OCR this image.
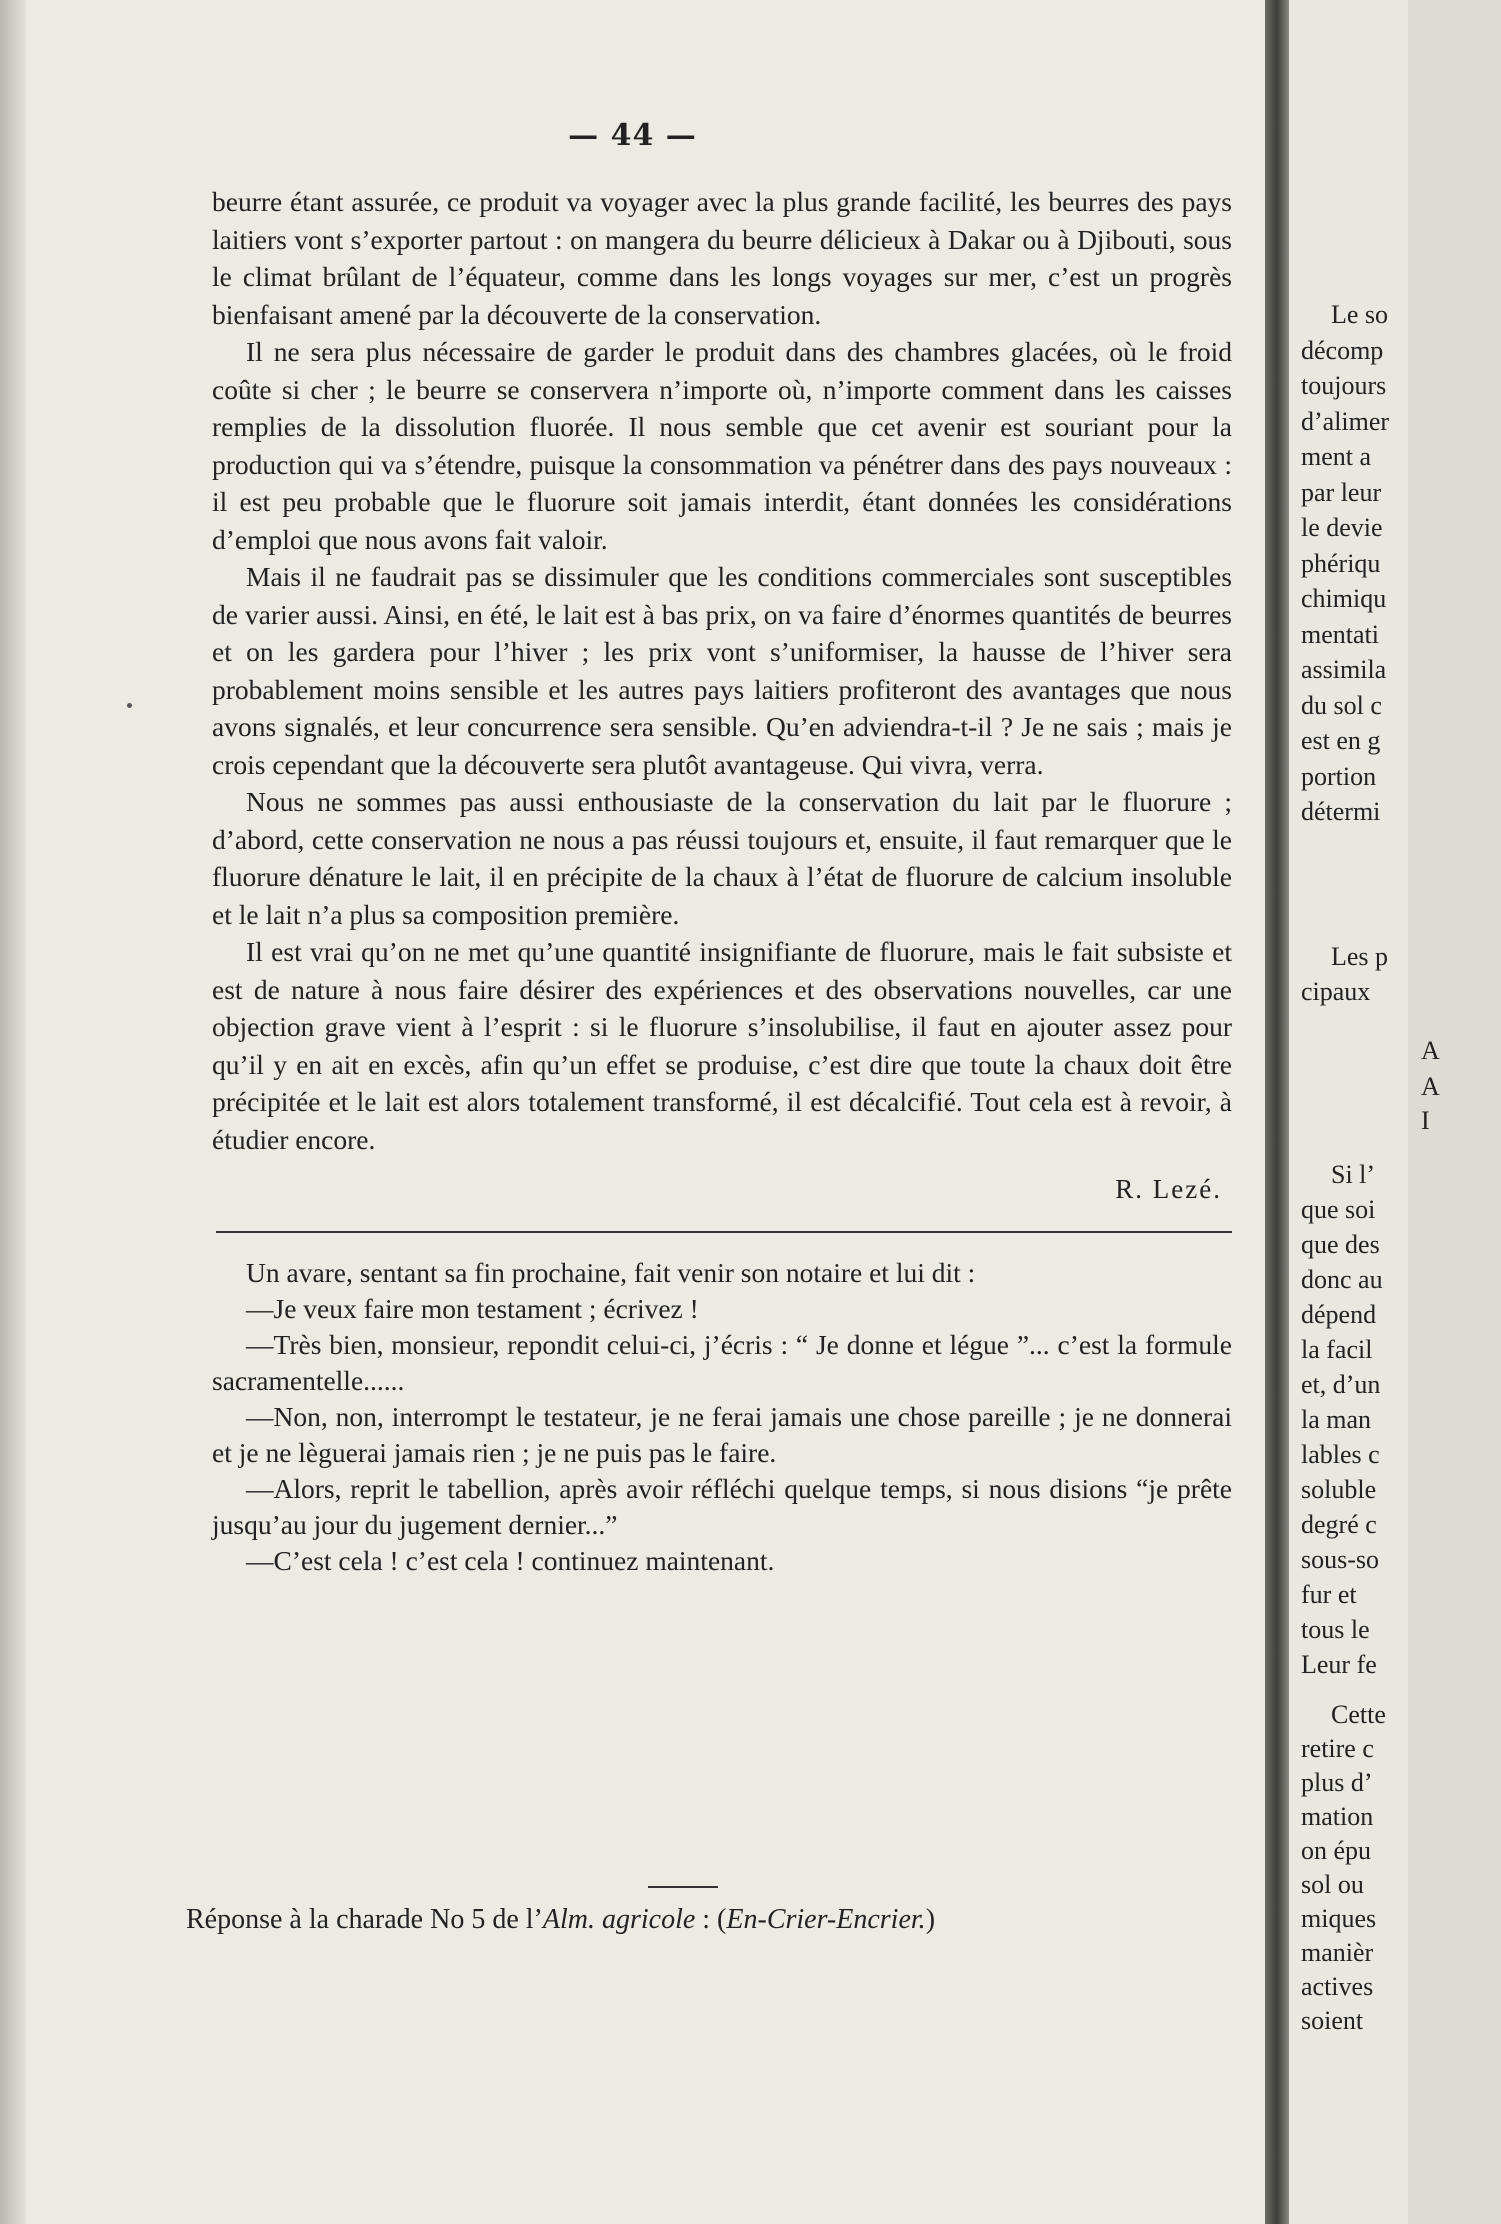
— 44 —

beurre étant assurée, ce produit va voyager avec la plus grande facilité, les beurres des pays laitiers vont s’exporter partout : on mangera du beurre délicieux à Dakar ou à Djibouti, sous le climat brûlant de l’équateur, comme dans les longs voyages sur mer, c’est un progrès bienfaisant amené par la découverte de la conservation.

Il ne sera plus nécessaire de garder le produit dans des chambres glacées, où le froid coûte si cher ; le beurre se conservera n’importe où, n’importe comment dans les caisses remplies de la dissolution fluorée. Il nous semble que cet avenir est souriant pour la production qui va s’étendre, puisque la consommation va pénétrer dans des pays nouveaux : il est peu probable que le fluorure soit jamais interdit, étant données les considérations d’emploi que nous avons fait valoir.

Mais il ne faudrait pas se dissimuler que les conditions commerciales sont susceptibles de varier aussi. Ainsi, en été, le lait est à bas prix, on va faire d’énormes quantités de beurres et on les gardera pour l’hiver ; les prix vont s’uniformiser, la hausse de l’hiver sera probablement moins sensible et les autres pays laitiers profiteront des avantages que nous avons signalés, et leur concurrence sera sensible. Qu’en adviendra-t-il ? Je ne sais ; mais je crois cependant que la découverte sera plutôt avantageuse. Qui vivra, verra.

Nous ne sommes pas aussi enthousiaste de la conservation du lait par le fluorure ; d’abord, cette conservation ne nous a pas réussi toujours et, ensuite, il faut remarquer que le fluorure dénature le lait, il en précipite de la chaux à l’état de fluorure de calcium insoluble et le lait n’a plus sa composition première.

Il est vrai qu’on ne met qu’une quantité insignifiante de fluorure, mais le fait subsiste et est de nature à nous faire désirer des expériences et des observations nouvelles, car une objection grave vient à l’esprit : si le fluorure s’insolubilise, il faut en ajouter assez pour qu’il y en ait en excès, afin qu’un effet se produise, c’est dire que toute la chaux doit être précipitée et le lait est alors totalement transformé, il est décalcifié. Tout cela est à revoir, à étudier encore.

R. Lezé.

Un avare, sentant sa fin prochaine, fait venir son notaire et lui dit :

—Je veux faire mon testament ; écrivez !

—Très bien, monsieur, repondit celui-ci, j’écris : “ Je donne et légue ”... c’est la formule sacramentelle......

—Non, non, interrompt le testateur, je ne ferai jamais une chose pareille ; je ne donnerai et je ne lèguerai jamais rien ; je ne puis pas le faire.

—Alors, reprit le tabellion, après avoir réfléchi quelque temps, si nous disions “je prête jusqu’au jour du jugement dernier...”

—C’est cela ! c’est cela ! continuez maintenant.

Réponse à la charade No 5 de l’Alm. agricole : (En-Crier-Encrier.)
Le so
décomp
toujours
d’alimer
ment a
par leur
le devie
phériqu
chimiqu
mentati
assimila
du sol c
est en g
portion
détermi
Les p
cipaux
A
A
I
Si l’
que soi
que des
donc au
dépend
la facil
et, d’un
la man
lables c
soluble
degré c
sous-so
fur et
tous le
Leur fe
Cette
retire c
plus d’
mation
on épu
sol ou
miques
manièr
actives
soient
